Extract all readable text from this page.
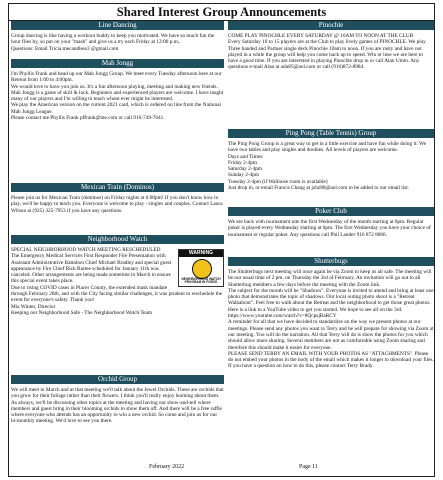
Shared Interest Group Announcements
Line Dancing

Group dancing is like having a workout buddy to keep you motivated. We have so much fun the hour flies by, so put on your "mask" and give us a try each Friday at 12:00 p.m..
Questions: Email Tricia.mecandless3 @gmail.com

Mah Jongg

I'm Phyllis Frank and head up our Mah Jongg Group. We meet every Tuesday afternoon here at our Retreat from 1:00 to 4:00pm.
We would love to have you join us. It's a fun afternoon playing, meeting and making new friends. Mah Jongg is a game of skill & luck. Beginners and experienced players are welcome. I have taught many of our players and I'm willing to teach whom ever might be interested.
We play the American version on the current 2021 card, which is ordered on line from the National Mah Jongg League.
Please contact me Phyllis Frank pffrank@me.com or call 916-749-7641.

Mexican Train (Dominos)

Please join us for Mexican Train (dominos) on Friday nights at 6:00pm! If you don't know how to play, we'd be happy to teach you. Everyone is welcome to play - singles and couples. Contact Laura Wilson at (925) 325-7953 if you have any questions.

Neighborhood Watch
WARNING
NEIGHBORHOOD WATCH PROGRAM IN FORCE

SPECIAL NEIGHBORHOOD WATCH MEETING RESCHEDULED
The Emergency Medical Services First Responder Fire Presentation with Assistant Administrative Battalion Chief Michael Bradley and special guest appearance by Fire Chief Rick Bartee scheduled for January 11th was canceled. Other arrangements are being made sometime in March to ensure this special event takes place.
Due to rising COVID cases in Placer County, the extended mask mandate through February 28th, and with the City facing similar challenges, it was prudent to reschedule the event for everyone's safety. Thank you!
Mia Winter, Director
Keeping our Neighborhood Safe - The Neighborhood Watch Team

Orchid Group

We will meet in March and at that meeting we'll talk about the Jewel Orchids. These are orchids that you grow for their foliage rather than their flowers. I think you'll really enjoy learning about them.
As always, we'll be discussing other topics at the meeting and having our show-and-tell where members and guest bring in their blooming orchids to show them off. And there will be a free raffle where everyone who attends has an opportunity to win a new orchid. So come and join us for our bi-monthly meeting. We'd love to see you there.

Pinochle

COME PLAY PINOCHLE EVERY SATURDAY @ 10AM TO NOON AT THE CLUB
Every Saturday 10 to 15 players are at the Club to play lively games of PINOCHLE. We play Three handed and Partner single deck Pinochle 10am to noon. If you are rusty and have not played in a while the group will help you come back up to speed. Win or lose we are here to have a good time. If you are interested in playing Pinochle drop in or call Alan Umm. Any questions e-mail Alan at adu85@aol.com or call (916)872-8984.

Ping Pong (Table Tennis) Group

The Ping Pong Group is a great way to get in a little exercise and have fun while doing it. We have two tables and play singles and doubles. All levels of players are welcome.
Days and Times:
Friday 2-4pm
Saturday 2-4pm
Sunday 2-4pm
Tuesday 2-4pm (if Wallnose room is available)
Just drop in, or email Francis Chang at jzhz88@aol.com to be added to our email list.

Poker Club

We are back with tournament nite the first Wednesday of the month starting at 6pm. Regular poker is played every Wednesday starting at 6pm. The first Wednesday you have your choice of tournament or regular poker. Any questions call Phil Lander 916 872 8060.

Shutterbugs

The Shutterbugs next meeting will once again be via Zoom to keep us all safe. The meeting will be our usual time of 2 pm. on Thursday the 3rd of February. An invitation will go out to all Shutterbug members a few days before the meeting with the Zoom link.
The subject for the month will be "Shadows". Everyone is invited to attend and bring at least one photo that demonstrates the topic of shadows. Our local outing photo shoot is a "Retreat Walkabout". Feel free to walk about the Retreat and the neighborhood to get those great photos. Here is a link to a YouTube video to get you started. We hope to see all on the 3rd. https://www.youtube.com/watch?v=8QcpsjBaRCY
A reminder for all that we have decided to standardize on the way we present photos at our meetings. Please send any photos you want to Terry and he will prepare for showing via Zoom at our meeting. You will do the narration. All that Terry will do is show the photos for you which should allow more sharing. Several members are not as comfortable using Zoom sharing and therefore this should make it easier for everyone.
PLEASE SEND TERRY AN EMAIL WITH YOUR PHOTOS AS "ATTACHMENTS". Please do not embed your photos in the body of the email which makes it longer to download your files. If you have a question on how to do this, please contact Terry Brady.

February 2022	Page 11
